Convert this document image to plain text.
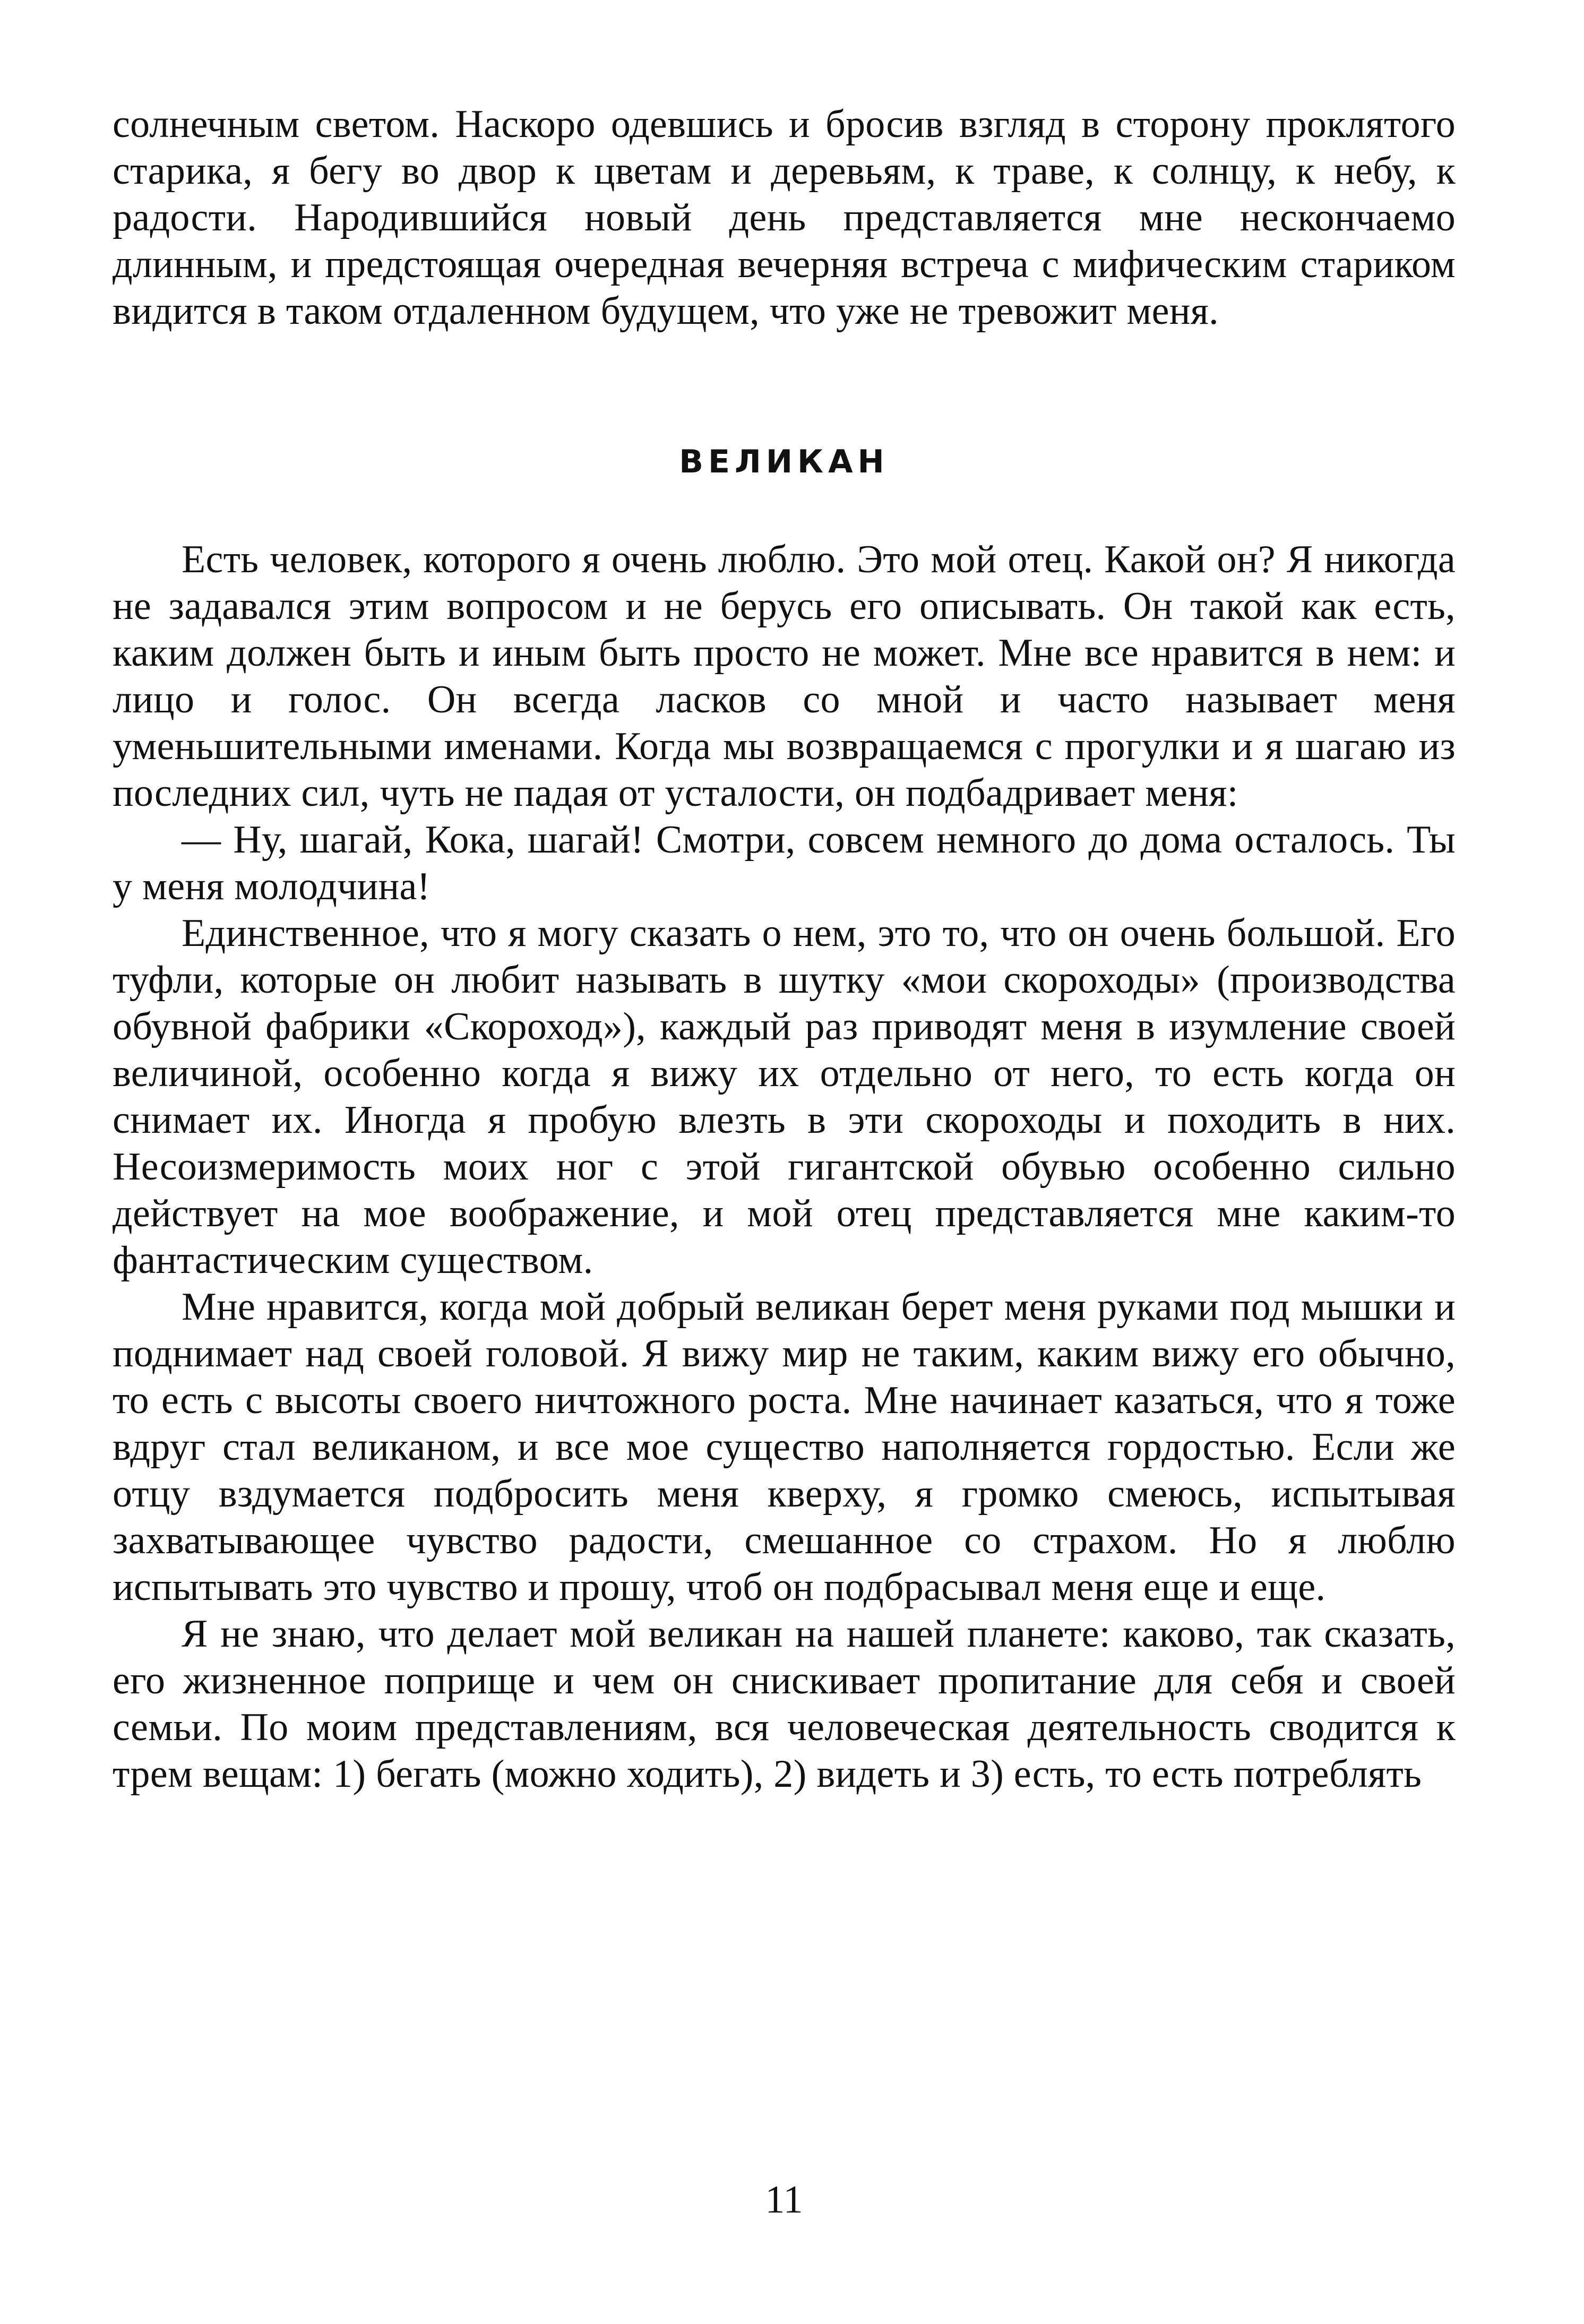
солнечным светом. Наскоро одевшись и бросив взгляд в сторону проклятого старика, я бегу во двор к цветам и деревьям, к траве, к солнцу, к небу, к радости. Народившийся новый день представляется мне нескончаемо длинным, и предстоящая очередная вечерняя встреча с мифическим стариком видится в таком отдаленном будущем, что уже не тревожит меня.

ВЕЛИКАН

Есть человек, которого я очень люблю. Это мой отец. Какой он? Я никогда не задавался этим вопросом и не берусь его описывать. Он такой как есть, каким должен быть и иным быть просто не может. Мне все нравится в нем: и лицо и голос. Он всегда ласков со мной и часто называет меня уменьшительными именами. Когда мы возвращаемся с прогулки и я шагаю из последних сил, чуть не падая от усталости, он подбадривает меня:

— Ну, шагай, Кока, шагай! Смотри, совсем немного до дома осталось. Ты у меня молодчина!

Единственное, что я могу сказать о нем, это то, что он очень большой. Его туфли, которые он любит называть в шутку «мои скороходы» (производства обувной фабрики «Скороход»), каждый раз приводят меня в изумление своей величиной, особенно когда я вижу их отдельно от него, то есть когда он снимает их. Иногда я пробую влезть в эти скороходы и походить в них. Несоизмеримость моих ног с этой гигантской обувью особенно сильно действует на мое воображение, и мой отец представляется мне каким-то фантастическим существом.

Мне нравится, когда мой добрый великан берет меня руками под мышки и поднимает над своей головой. Я вижу мир не таким, каким вижу его обычно, то есть с высоты своего ничтожного роста. Мне начинает казаться, что я тоже вдруг стал великаном, и все мое существо наполняется гордостью. Если же отцу вздумается подбросить меня кверху, я громко смеюсь, испытывая захватывающее чувство радости, смешанное со страхом. Но я люблю испытывать это чувство и прошу, чтоб он подбрасывал меня еще и еще.

Я не знаю, что делает мой великан на нашей планете: каково, так сказать, его жизненное поприще и чем он снискивает пропитание для себя и своей семьи. По моим представлениям, вся человеческая деятельность сводится к трем вещам: 1) бегать (можно ходить), 2) видеть и 3) есть, то есть потреблять

11
